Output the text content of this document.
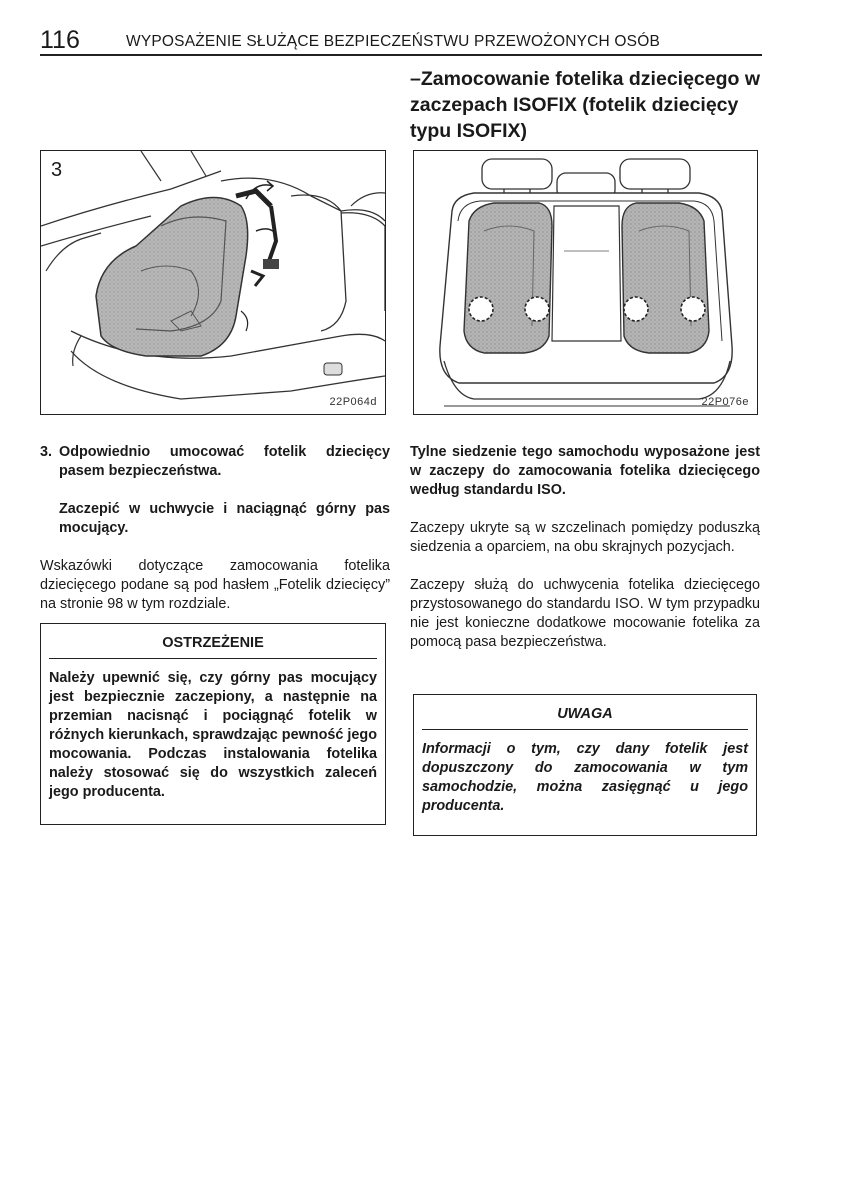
116	WYPOSAŻENIE SŁUŻĄCE BEZPIECZEŃSTWU PRZEWOŻONYCH OSÓB
–Zamocowanie fotelika dziecięcego w zaczepach ISOFIX (fotelik dziecięcy typu ISOFIX)
3
22P064d	22P076e
3. Odpowiednio umocować fotelik dziecięcy pasem bezpieczeństwa.

Zaczepić w uchwycie i naciągnąć górny pas mocujący.

Wskazówki dotyczące zamocowania fotelika dziecięcego podane są pod hasłem „Fotelik dziecięcy” na stronie 98 w tym rozdziale.

OSTRZEŻENIE
Należy upewnić się, czy górny pas mocujący jest bezpiecznie zaczepiony, a następnie na przemian nacisnąć i pociągnąć fotelik w różnych kierunkach, sprawdzając pewność jego mocowania. Podczas instalowania fotelika należy stosować się do wszystkich zaleceń jego producenta.

Tylne siedzenie tego samochodu wyposażone jest w zaczepy do zamocowania fotelika dziecięcego według standardu ISO.

Zaczepy ukryte są w szczelinach pomiędzy poduszką siedzenia a oparciem, na obu skrajnych pozycjach.

Zaczepy służą do uchwycenia fotelika dziecięcego przystosowanego do standardu ISO. W tym przypadku nie jest konieczne dodatkowe mocowanie fotelika za pomocą pasa bezpieczeństwa.

UWAGA
Informacji o tym, czy dany fotelik jest dopuszczony do zamocowania w tym samochodzie, można zasięgnąć u jego producenta.
